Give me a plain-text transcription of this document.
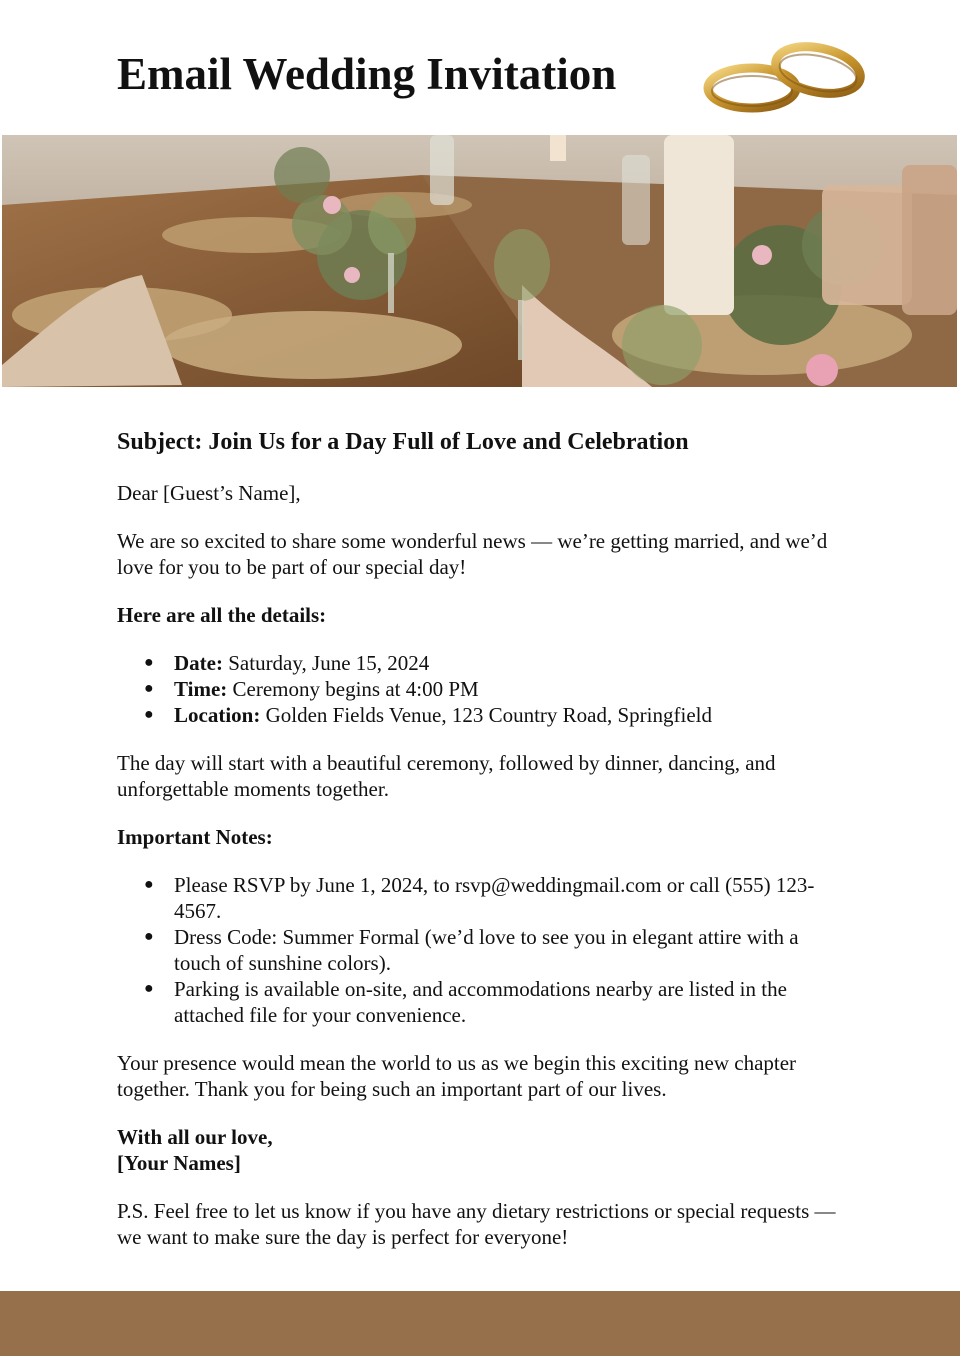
Email Wedding Invitation
Subject: Join Us for a Day Full of Love and Celebration

Dear [Guest’s Name],

We are so excited to share some wonderful news — we’re getting married, and we’d love for you to be part of our special day!

Here are all the details:

● Date: Saturday, June 15, 2024
● Time: Ceremony begins at 4:00 PM
● Location: Golden Fields Venue, 123 Country Road, Springfield

The day will start with a beautiful ceremony, followed by dinner, dancing, and unforgettable moments together.

Important Notes:

● Please RSVP by June 1, 2024, to rsvp@weddingmail.com or call (555) 123-4567.
● Dress Code: Summer Formal (we’d love to see you in elegant attire with a touch of sunshine colors).
● Parking is available on-site, and accommodations nearby are listed in the attached file for your convenience.

Your presence would mean the world to us as we begin this exciting new chapter together. Thank you for being such an important part of our lives.

With all our love,
[Your Names]

P.S. Feel free to let us know if you have any dietary restrictions or special requests — we want to make sure the day is perfect for everyone!
